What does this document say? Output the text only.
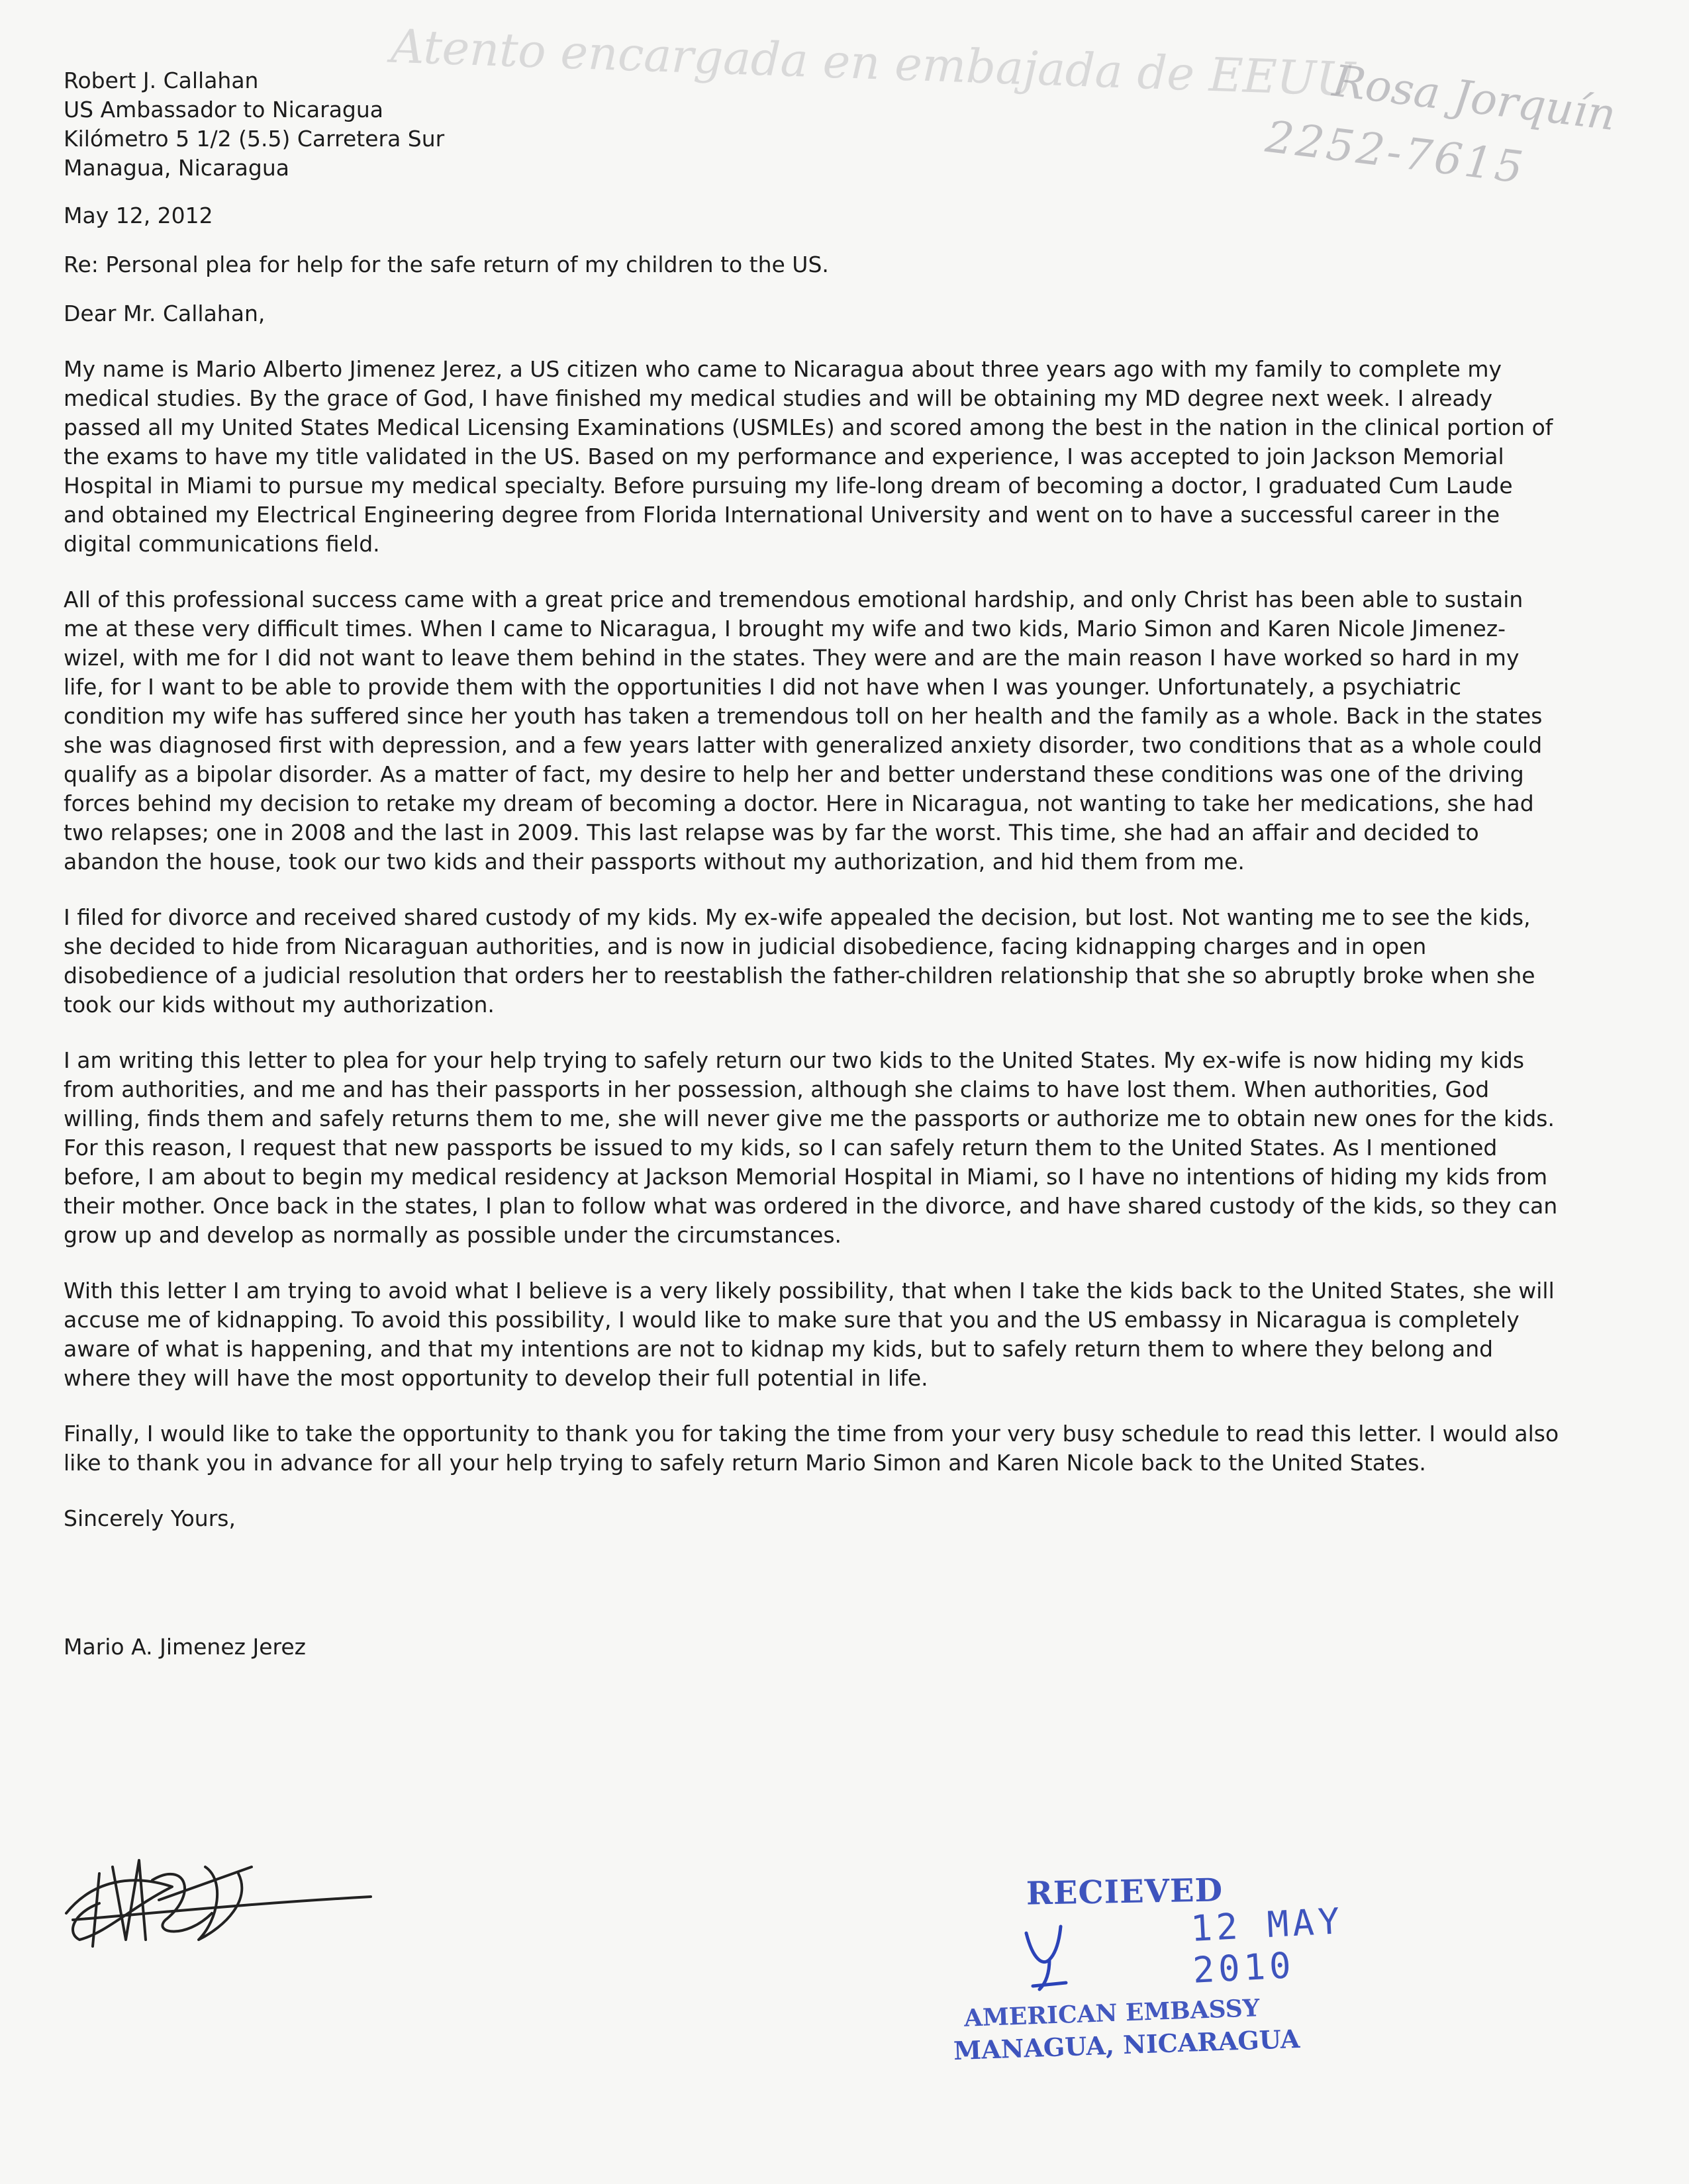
Atento encargada en embajada de EEUU
Rosa Jorquín
2252-7615
Robert J. Callahan
US Ambassador to Nicaragua
Kilómetro 5 1/2 (5.5) Carretera Sur
Managua, Nicaragua
May 12, 2012
Re: Personal plea for help for the safe return of my children to the US.
Dear Mr. Callahan,

My name is Mario Alberto Jimenez Jerez, a US citizen who came to Nicaragua about three years ago with my family to complete my medical studies. By the grace of God, I have finished my medical studies and will be obtaining my MD degree next week. I already passed all my United States Medical Licensing Examinations (USMLEs) and scored among the best in the nation in the clinical portion of the exams to have my title validated in the US. Based on my performance and experience, I was accepted to join Jackson Memorial Hospital in Miami to pursue my medical specialty. Before pursuing my life-long dream of becoming a doctor, I graduated Cum Laude and obtained my Electrical Engineering degree from Florida International University and went on to have a successful career in the digital communications field.

All of this professional success came with a great price and tremendous emotional hardship, and only Christ has been able to sustain me at these very difficult times. When I came to Nicaragua, I brought my wife and two kids, Mario Simon and Karen Nicole Jimenez-wizel, with me for I did not want to leave them behind in the states. They were and are the main reason I have worked so hard in my life, for I want to be able to provide them with the opportunities I did not have when I was younger. Unfortunately, a psychiatric condition my wife has suffered since her youth has taken a tremendous toll on her health and the family as a whole. Back in the states she was diagnosed first with depression, and a few years latter with generalized anxiety disorder, two conditions that as a whole could qualify as a bipolar disorder. As a matter of fact, my desire to help her and better understand these conditions was one of the driving forces behind my decision to retake my dream of becoming a doctor. Here in Nicaragua, not wanting to take her medications, she had two relapses; one in 2008 and the last in 2009. This last relapse was by far the worst. This time, she had an affair and decided to abandon the house, took our two kids and their passports without my authorization, and hid them from me.

I filed for divorce and received shared custody of my kids. My ex-wife appealed the decision, but lost. Not wanting me to see the kids, she decided to hide from Nicaraguan authorities, and is now in judicial disobedience, facing kidnapping charges and in open disobedience of a judicial resolution that orders her to reestablish the father-children relationship that she so abruptly broke when she took our kids without my authorization.

I am writing this letter to plea for your help trying to safely return our two kids to the United States. My ex-wife is now hiding my kids from authorities, and me and has their passports in her possession, although she claims to have lost them. When authorities, God willing, finds them and safely returns them to me, she will never give me the passports or authorize me to obtain new ones for the kids. For this reason, I request that new passports be issued to my kids, so I can safely return them to the United States. As I mentioned before, I am about to begin my medical residency at Jackson Memorial Hospital in Miami, so I have no intentions of hiding my kids from their mother. Once back in the states, I plan to follow what was ordered in the divorce, and have shared custody of the kids, so they can grow up and develop as normally as possible under the circumstances.

With this letter I am trying to avoid what I believe is a very likely possibility, that when I take the kids back to the United States, she will accuse me of kidnapping. To avoid this possibility, I would like to make sure that you and the US embassy in Nicaragua is completely aware of what is happening, and that my intentions are not to kidnap my kids, but to safely return them to where they belong and where they will have the most opportunity to develop their full potential in life.

Finally, I would like to take the opportunity to thank you for taking the time from your very busy schedule to read this letter. I would also like to thank you in advance for all your help trying to safely return Mario Simon and Karen Nicole back to the United States.

Sincerely Yours,
Mario A. Jimenez Jerez
RECIEVED
12 MAY 2010
AMERICAN EMBASSY
MANAGUA, NICARAGUA
